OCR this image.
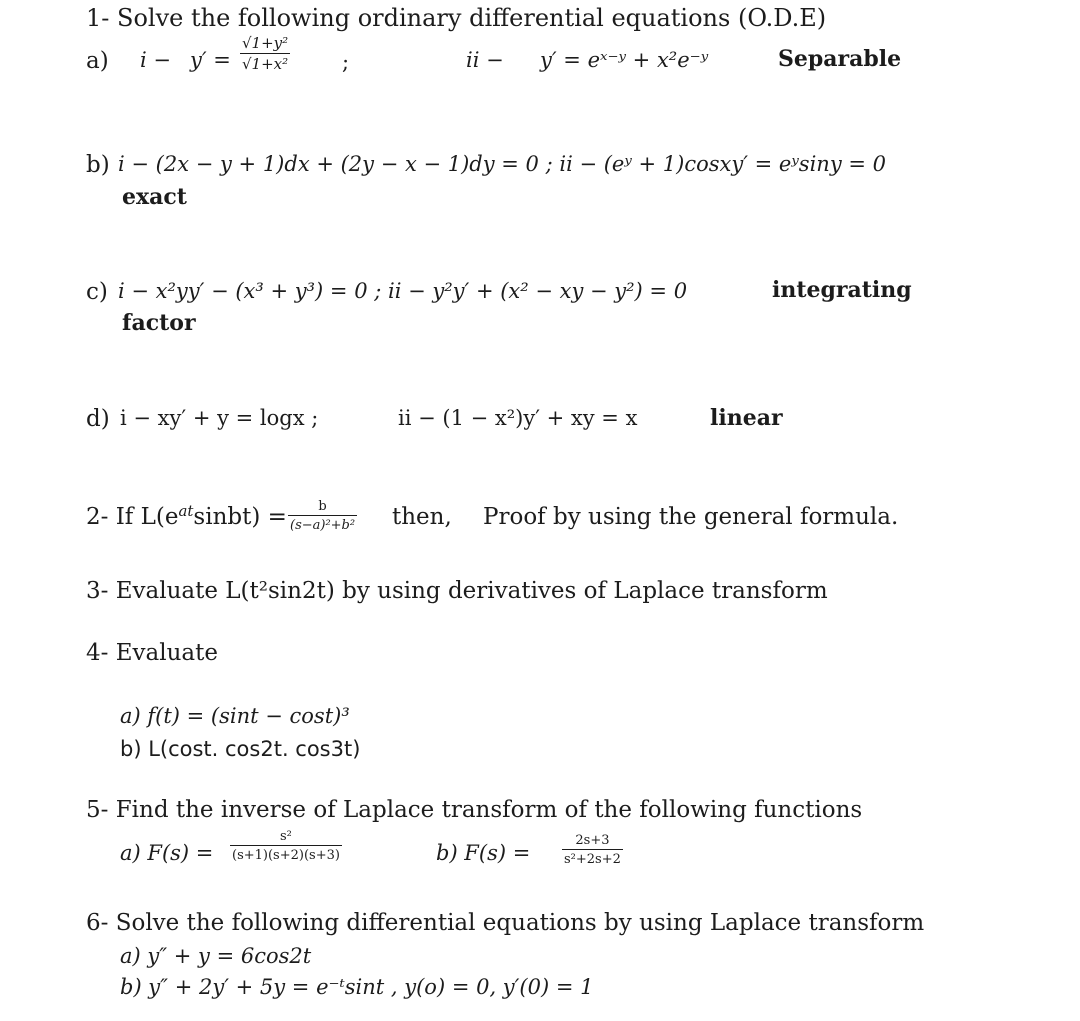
1- Solve the following ordinary differential equations (O.D.E)
a) $i - y' = \frac{\text{√1+y²}}{\text{√1+x²}}$ ;	ii − y′ = eˣ⁻ʸ + x²e⁻ʸ	Separable
b) i − (2x − y + 1)dx + (2y − x − 1)dy = 0 ; ii − (eʸ + 1)cosxy′ = eʸsiny = 0
exact
c) i − x²yy′ − (x³ + y³) = 0 ; ii − y²y′ + (x² − xy − y²) = 0	integrating
factor
d) i − xy′ + y = logx ;	ii − (1 − x²)y′ + xy = x	linear
2- If $L(e^{at}sinbt) = \frac{b}{\text{(s−a)²+b²}}$ then, Proof by using the general formula.
3- Evaluate L(t²sin2t) by using derivatives of Laplace transform
4- Evaluate
a) f(t) = (sint − cost)³
b) L(cost. cos2t. cos3t)
5- Find the inverse of Laplace transform of the following functions
a) $F(s) = \frac{\text{s²}}{(s+1)(s+2)(s+3)}$	b) $F(s) = \frac{2s+3}{\text{s²+2s+2}}$
6- Solve the following differential equations by using Laplace transform
a) y″ + y = 6cos2t
b) y″ + 2y′ + 5y = e⁻ᵗsint , y(o) = 0, y′(0) = 1
